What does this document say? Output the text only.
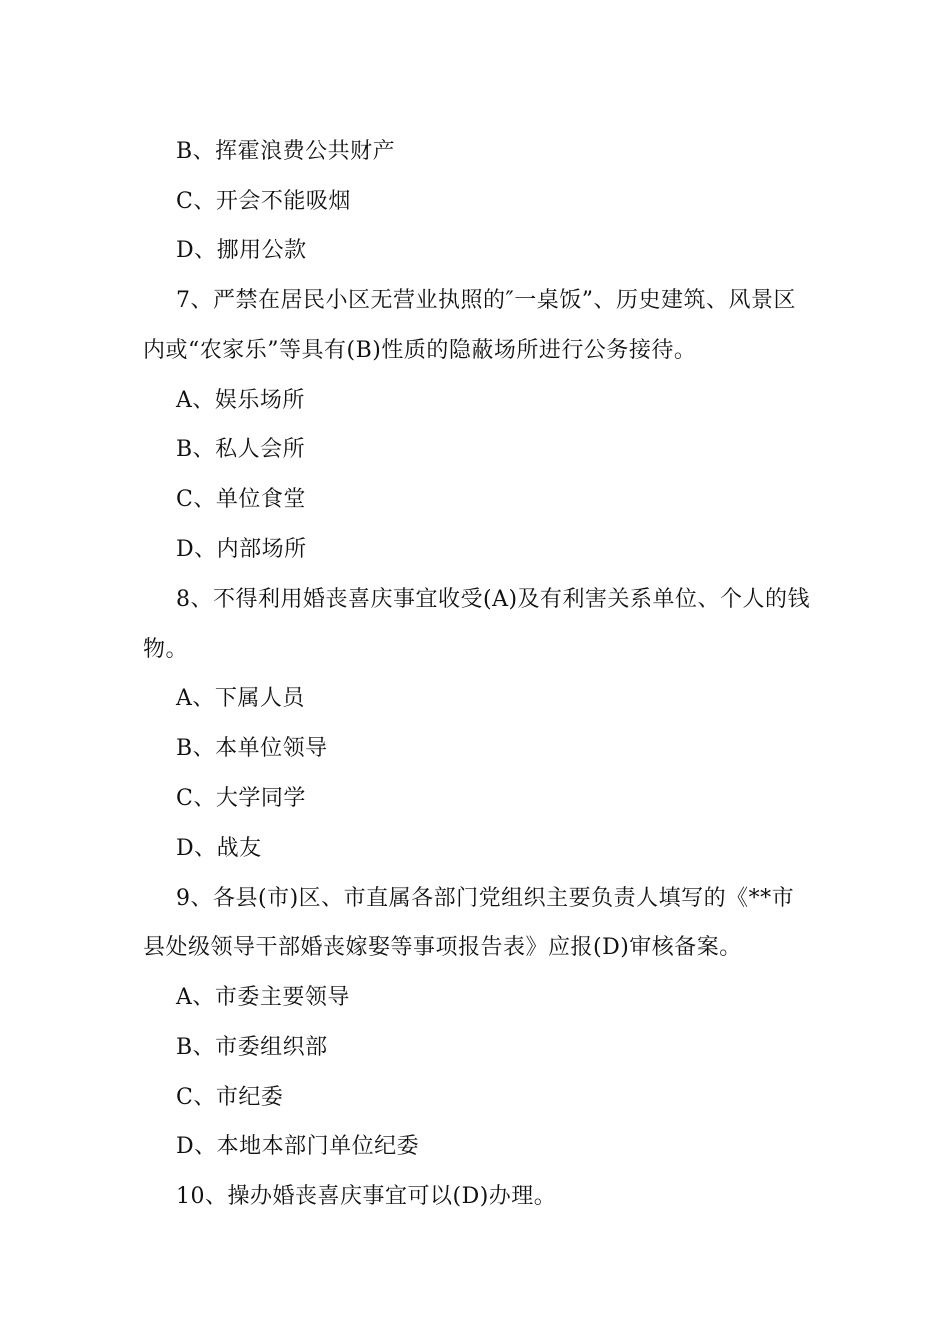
B、挥霍浪费公共财产
C、开会不能吸烟
D、挪用公款
7、严禁在居民小区无营业执照的″一桌饭”、历史建筑、风景区
内或“农家乐”等具有(B)性质的隐蔽场所进行公务接待。
A、娱乐场所
B、私人会所
C、单位食堂
D、内部场所
8、不得利用婚丧喜庆事宜收受(A)及有利害关系单位、个人的钱
物。
A、下属人员
B、本单位领导
C、大学同学
D、战友
9、各县(市)区、市直属各部门党组织主要负责人填写的《**市
县处级领导干部婚丧嫁娶等事项报告表》应报(D)审核备案。
A、市委主要领导
B、市委组织部
C、市纪委
D、本地本部门单位纪委
10、操办婚丧喜庆事宜可以(D)办理。
